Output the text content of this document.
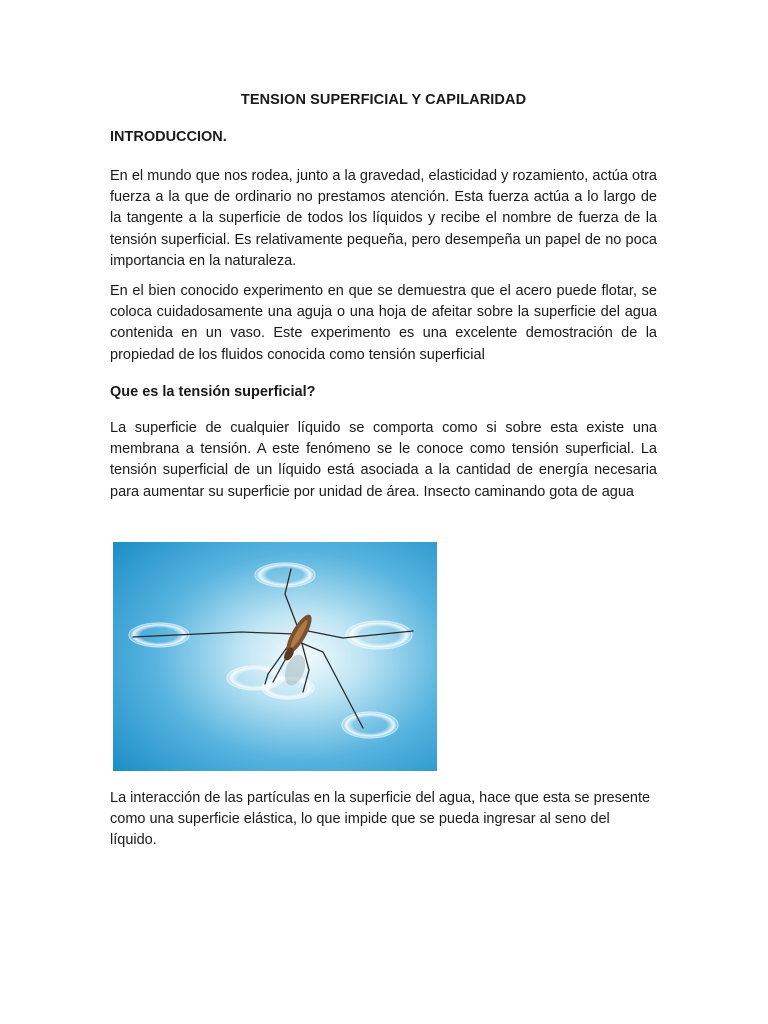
TENSION SUPERFICIAL Y CAPILARIDAD
INTRODUCCION.
En el mundo que nos rodea, junto a la gravedad, elasticidad y rozamiento, actúa otra fuerza a la que de ordinario no prestamos atención. Esta fuerza actúa a lo largo de la tangente a la superficie de todos los líquidos y recibe el nombre de fuerza de la tensión superficial. Es relativamente pequeña, pero desempeña un papel de no poca importancia en la naturaleza.
En el bien conocido experimento en que se demuestra que el acero puede flotar, se coloca cuidadosamente una aguja o una hoja de afeitar sobre la superficie del agua contenida en un vaso. Este experimento es una excelente demostración de la propiedad de los fluidos conocida como tensión superficial
Que es la tensión superficial?
La superficie de cualquier líquido se comporta como si sobre esta existe una membrana a tensión. A este fenómeno se le conoce como tensión superficial. La tensión superficial de un líquido está asociada a la cantidad de energía necesaria para aumentar su superficie por unidad de área. Insecto caminando gota de agua
La interacción de las partículas en la superficie del agua, hace que esta se presente como una superficie elástica, lo que impide que se pueda ingresar al seno del líquido.
